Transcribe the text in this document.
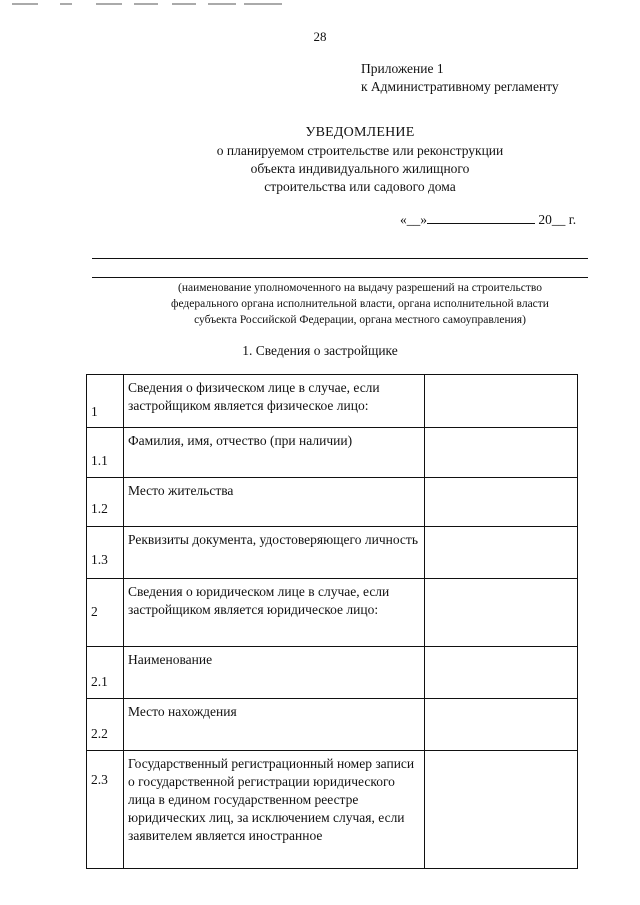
28
Приложение 1
к Административному регламенту
УВЕДОМЛЕНИЕ
о планируемом строительстве или реконструкции
объекта индивидуального жилищного
строительства или садового дома
«__»	20__ г.
(наименование уполномоченного на выдачу разрешений на строительство
федерального органа исполнительной власти, органа исполнительной власти
субъекта Российской Федерации, органа местного самоуправления)
1. Сведения о застройщике
1	Сведения о физическом лице в случае, если застройщиком является физическое лицо:	

1.1	Фамилия, имя, отчество (при наличии)	

1.2	Место жительства	

1.3	Реквизиты документа, удостоверяющего личность	

2	Сведения о юридическом лице в случае, если застройщиком является юридическое лицо:	

2.1	Наименование	

2.2	Место нахождения	

2.3	Государственный регистрационный номер записи о государственной регистрации юридического лица в едином государственном реестре юридических лиц, за исключением случая, если заявителем является иностранное	
